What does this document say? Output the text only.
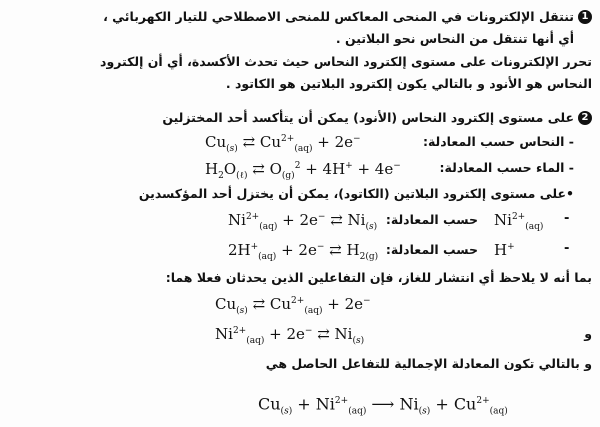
1
تنتقل الإلكترونات في المنحى المعاكس للمنحى الاصطلاحي للتيار الكهربائي ،
أي أنها تنتقل من النحاس نحو البلاتين .
تحرر الإلكترونات على مستوى إلكترود النحاس حيث تحدث الأكسدة، أي أن إلكترود
النحاس هو الأنود و بالتالي يكون إلكترود البلاتين هو الكاتود .
2
على مستوى إلكترود النحاس (الأنود) يمكن أن يتأكسد أحد المختزلين
$Cu_{(s)}$ ⇄ $Cu^{2+}_{(aq)} + 2e^-$	- النحاس حسب المعادلة:
$H_2O_{(\ell)}$ ⇄ $O_{(g)}^2 + 4H^+ + 4e^-$	- الماء حسب المعادلة:
•على مستوى إلكترود البلاتين (الكاتود)، يمكن أن يختزل أحد المؤكسدين
$Ni^{2+}_{(aq)} + 2e^-$ ⇄ $Ni_{(s)}$ حسب المعادلة: $Ni^{2+}_{(aq)}$
-
$2H^+_{(aq)} + 2e^-$ ⇄ $H_{2(g)}$ حسب المعادلة: H+	-
بما أنه لا يلاحظ أي انتشار للغاز، فإن التفاعلين الذين يحدثان فعلا هما:
$Cu_{(s)}$ ⇄ $Cu^{2+}_{(aq)} + 2e^-$
$Ni^{2+}_{(aq)} + 2e^-$ ⇄ $Ni_{(s)}$	و
و بالتالي تكون المعادلة الإجمالية للتفاعل الحاصل هي
$Cu_{(s)} + Ni^{2+}_{(aq)}$ ⟶ $Ni_{(s)} + Cu^{2+}_{(aq)}$
